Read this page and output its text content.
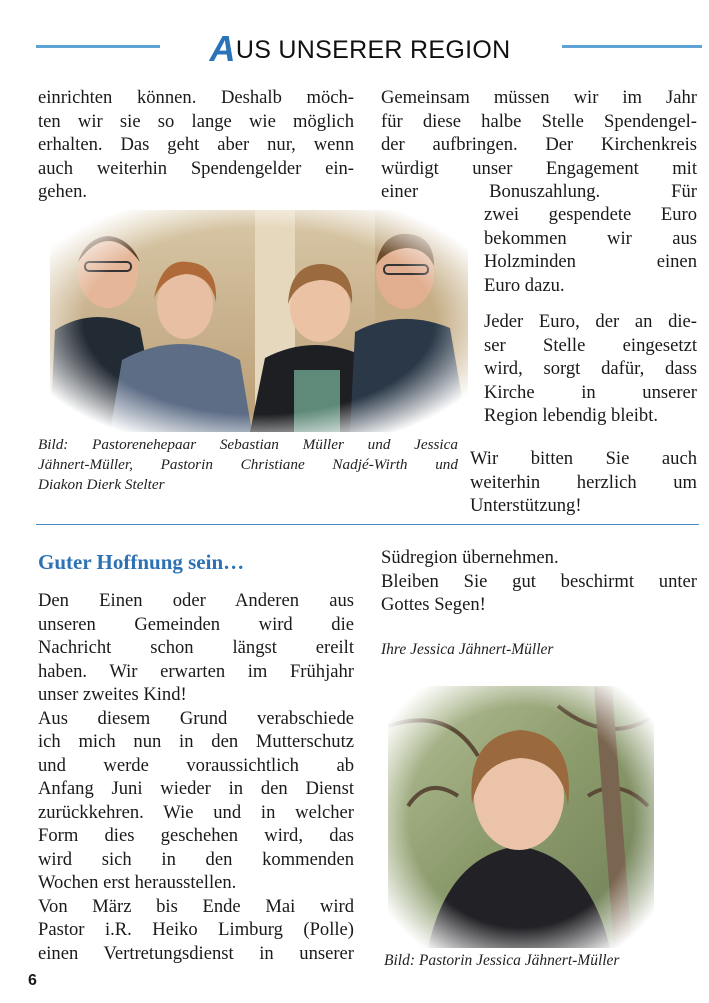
AUS UNSERER REGION
einrichten können. Deshalb möch-
ten wir sie so lange wie möglich
erhalten. Das geht aber nur, wenn
auch weiterhin Spendengelder ein-
gehen.
Gemeinsam müssen wir im Jahr
für diese halbe Stelle Spendengel-
der aufbringen. Der Kirchenkreis
würdigt unser Engagement mit
einer Bonuszahlung. Für
zwei gespendete Euro
bekommen wir aus
Holzminden einen
Euro dazu.
Jeder Euro, der an die-
ser Stelle eingesetzt
wird, sorgt dafür, dass
Kirche in unserer
Region lebendig bleibt.
Wir bitten Sie auch
weiterhin herzlich um
Unterstützung!
Bild: Pastorenehepaar Sebastian Müller und Jessica
Jähnert-Müller, Pastorin Christiane Nadjé-Wirth und
Diakon Dierk Stelter
Guter Hoffnung sein…
Den Einen oder Anderen aus
unseren Gemeinden wird die
Nachricht schon längst ereilt
haben. Wir erwarten im Frühjahr
unser zweites Kind!
Aus diesem Grund verabschiede
ich mich nun in den Mutterschutz
und werde voraussichtlich ab
Anfang Juni wieder in den Dienst
zurückkehren. Wie und in welcher
Form dies geschehen wird, das
wird sich in den kommenden
Wochen erst herausstellen.
Von März bis Ende Mai wird
Pastor i.R. Heiko Limburg (Polle)
einen Vertretungsdienst in unserer
Südregion übernehmen.
Bleiben Sie gut beschirmt unter
Gottes Segen!
Ihre Jessica Jähnert-Müller
Bild: Pastorin Jessica Jähnert-Müller
6
